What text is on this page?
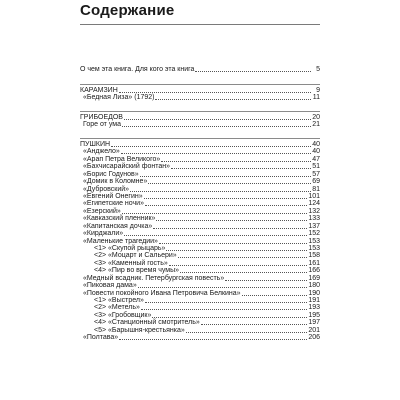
Содержание
О чем эта книга. Для кого эта книга	5
КАРАМЗИН	9
«Бедная Лиза» (1792)	11
ГРИБОЕДОВ	20
Горе от ума	21
ПУШКИН	40
«Анджело»	40
«Арап Петра Великого»	47
«Бахчисарайский фонтан»	51
«Борис Годунов»	57
«Домик в Коломне»	69
«Дубровский»	81
«Евгений Онегин»	101
«Египетские ночи»	124
«Езерский»	132
«Кавказский пленник»	133
«Капитанская дочка»	137
«Кирджали»	152
«Маленькие трагедии»	153
<1> «Скупой рыцарь»	153
<2> «Моцарт и Сальери»	158
<3> «Каменный гость»	161
<4> «Пир во время чумы»	166
«Медный всадник. Петербургская повесть»	169
«Пиковая дама»	180
«Повести покойного Ивана Петровича Белкина»	190
<1> «Выстрел»	191
<2> «Метель»	193
<3> «Гробовщик»	195
<4> «Станционный смотритель»	197
<5> «Барышня-крестьянка»	201
«Полтава»	206
